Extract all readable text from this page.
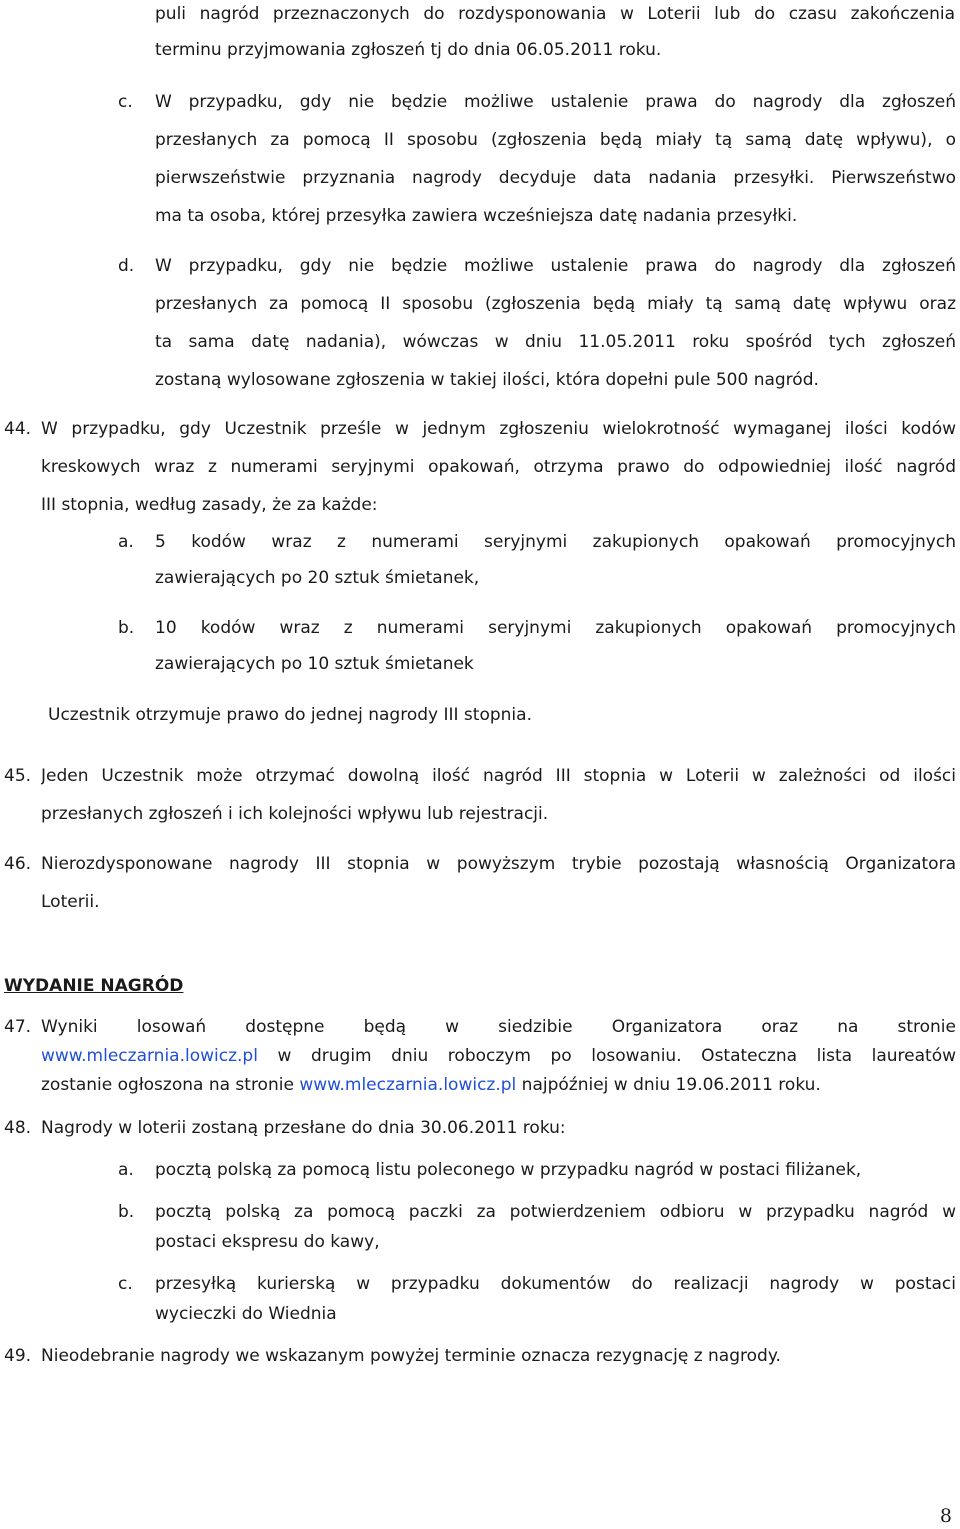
puli nagród przeznaczonych do rozdysponowania w Loterii lub do czasu zakończenia

terminu przyjmowania zgłoszeń tj do dnia 06.05.2011 roku.

c. W przypadku, gdy nie będzie możliwe ustalenie prawa do nagrody dla zgłoszeń

przesłanych za pomocą II sposobu (zgłoszenia będą miały tą samą datę wpływu), o

pierwszeństwie przyznania nagrody decyduje data nadania przesyłki. Pierwszeństwo

ma ta osoba, której przesyłka zawiera wcześniejsza datę nadania przesyłki.

d. W przypadku, gdy nie będzie możliwe ustalenie prawa do nagrody dla zgłoszeń

przesłanych za pomocą II sposobu (zgłoszenia będą miały tą samą datę wpływu oraz

ta sama datę nadania), wówczas w dniu 11.05.2011 roku spośród tych zgłoszeń

zostaną wylosowane zgłoszenia w takiej ilości, która dopełni pule 500 nagród.

44. W przypadku, gdy Uczestnik prześle w jednym zgłoszeniu wielokrotność wymaganej ilości kodów

kreskowych wraz z numerami seryjnymi opakowań, otrzyma prawo do odpowiedniej ilość nagród

III stopnia, według zasady, że za każde:

a. 5 kodów wraz z numerami seryjnymi zakupionych opakowań promocyjnych

zawierających po 20 sztuk śmietanek,

b. 10 kodów wraz z numerami seryjnymi zakupionych opakowań promocyjnych

zawierających po 10 sztuk śmietanek

Uczestnik otrzymuje prawo do jednej nagrody III stopnia.

45. Jeden Uczestnik może otrzymać dowolną ilość nagród III stopnia w Loterii w zależności od ilości

przesłanych zgłoszeń i ich kolejności wpływu lub rejestracji.

46. Nierozdysponowane nagrody III stopnia w powyższym trybie pozostają własnością Organizatora

Loterii.

WYDANIE NAGRÓD

47. Wyniki losowań dostępne będą w siedzibie Organizatora oraz na stronie

www.mleczarnia.lowicz.pl w drugim dniu roboczym po losowaniu. Ostateczna lista laureatów

zostanie ogłoszona na stronie www.mleczarnia.lowicz.pl najpóźniej w dniu 19.06.2011 roku.

48. Nagrody w loterii zostaną przesłane do dnia 30.06.2011 roku:

a. pocztą polską za pomocą listu poleconego w przypadku nagród w postaci filiżanek,

b. pocztą polską za pomocą paczki za potwierdzeniem odbioru w przypadku nagród w

postaci ekspresu do kawy,

c. przesyłką kurierską w przypadku dokumentów do realizacji nagrody w postaci

wycieczki do Wiednia

49. Nieodebranie nagrody we wskazanym powyżej terminie oznacza rezygnację z nagrody.

8
